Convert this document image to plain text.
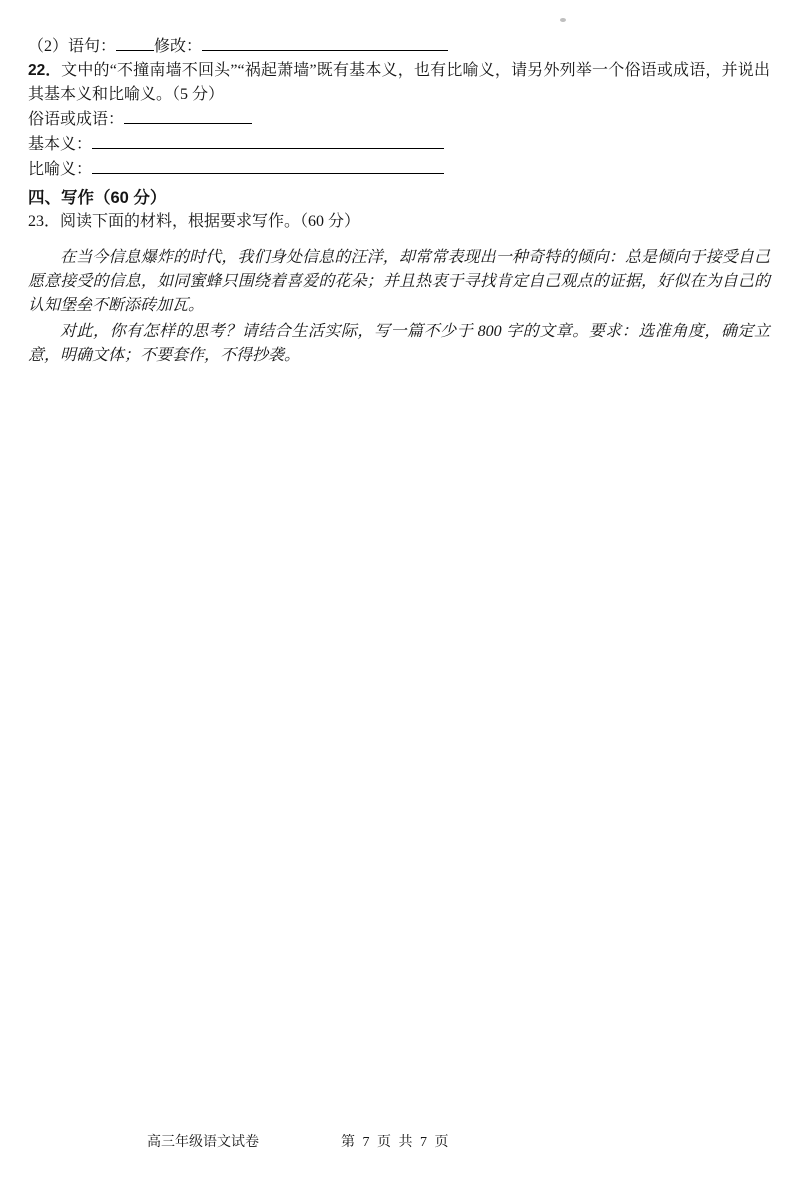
（2）语句： 修改：

22．文中的“不撞南墙不回头”“祸起萧墙”既有基本义，也有比喻义，请另外列举一个俗语或成语，并说出其基本义和比喻义。（5 分）

俗语或成语：
基本义：
比喻义：
四、写作（60 分）

23．阅读下面的材料，根据要求写作。（60 分）

在当今信息爆炸的时代，我们身处信息的汪洋，却常常表现出一种奇特的倾向：总是倾向于接受自己愿意接受的信息，如同蜜蜂只围绕着喜爱的花朵；并且热衷于寻找肯定自己观点的证据，好似在为自己的认知堡垒不断添砖加瓦。

对此，你有怎样的思考？请结合生活实际，写一篇不少于 800 字的文章。要求：选准角度，确定立意，明确文体；不要套作，不得抄袭。

高三年级语文试卷	第 7 页 共 7 页
